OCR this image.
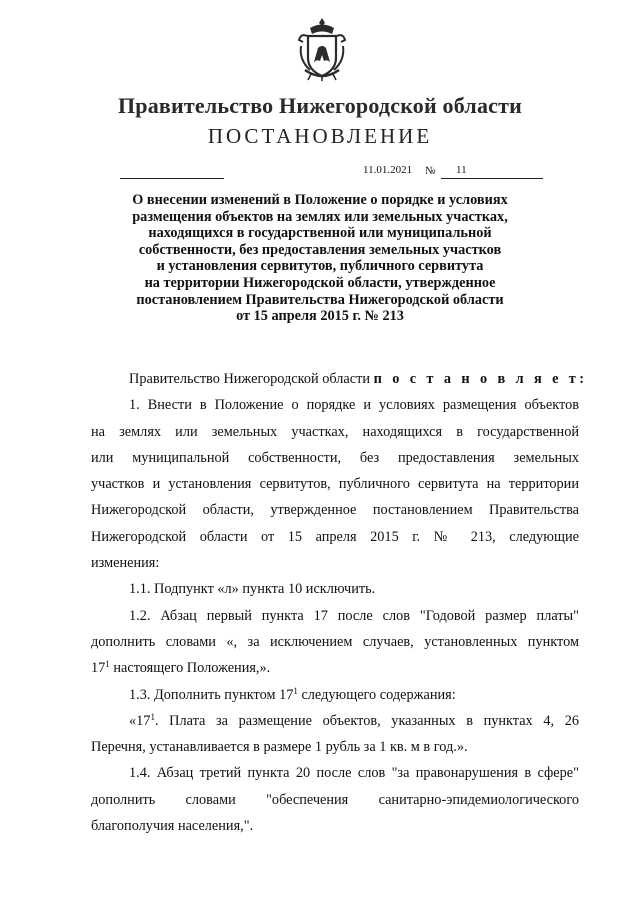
Правительство Нижегородской области
ПОСТАНОВЛЕНИЕ
11.01.2021 № 11
О внесении изменений в Положение о порядке и условиях
размещения объектов на землях или земельных участках,
находящихся в государственной или муниципальной
собственности, без предоставления земельных участков
и установления сервитутов, публичного сервитута
на территории Нижегородской области, утвержденное
постановлением Правительства Нижегородской области
от 15 апреля 2015 г. № 213
Правительство Нижегородской области п о с т а н о в л я е т:
1. Внести в Положение о порядке и условиях размещения объектов
на землях или земельных участках, находящихся в государственной
или муниципальной собственности, без предоставления земельных
участков и установления сервитутов, публичного сервитута на территории
Нижегородской области, утвержденное постановлением Правительства
Нижегородской области от 15 апреля 2015 г. № 213, следующие
изменения:
1.1. Подпункт «л» пункта 10 исключить.
1.2. Абзац первый пункта 17 после слов "Годовой размер платы"
дополнить словами «, за исключением случаев, установленных пунктом
$17^1$ настоящего Положения,».
1.3. Дополнить пунктом $17^1$ следующего содержания:
«$17^1$. Плата за размещение объектов, указанных в пунктах 4, 26
Перечня, устанавливается в размере 1 рубль за 1 кв. м в год.».
1.4. Абзац третий пункта 20 после слов "за правонарушения в сфере"
дополнить словами "обеспечения санитарно-эпидемиологического
благополучия населения,".
